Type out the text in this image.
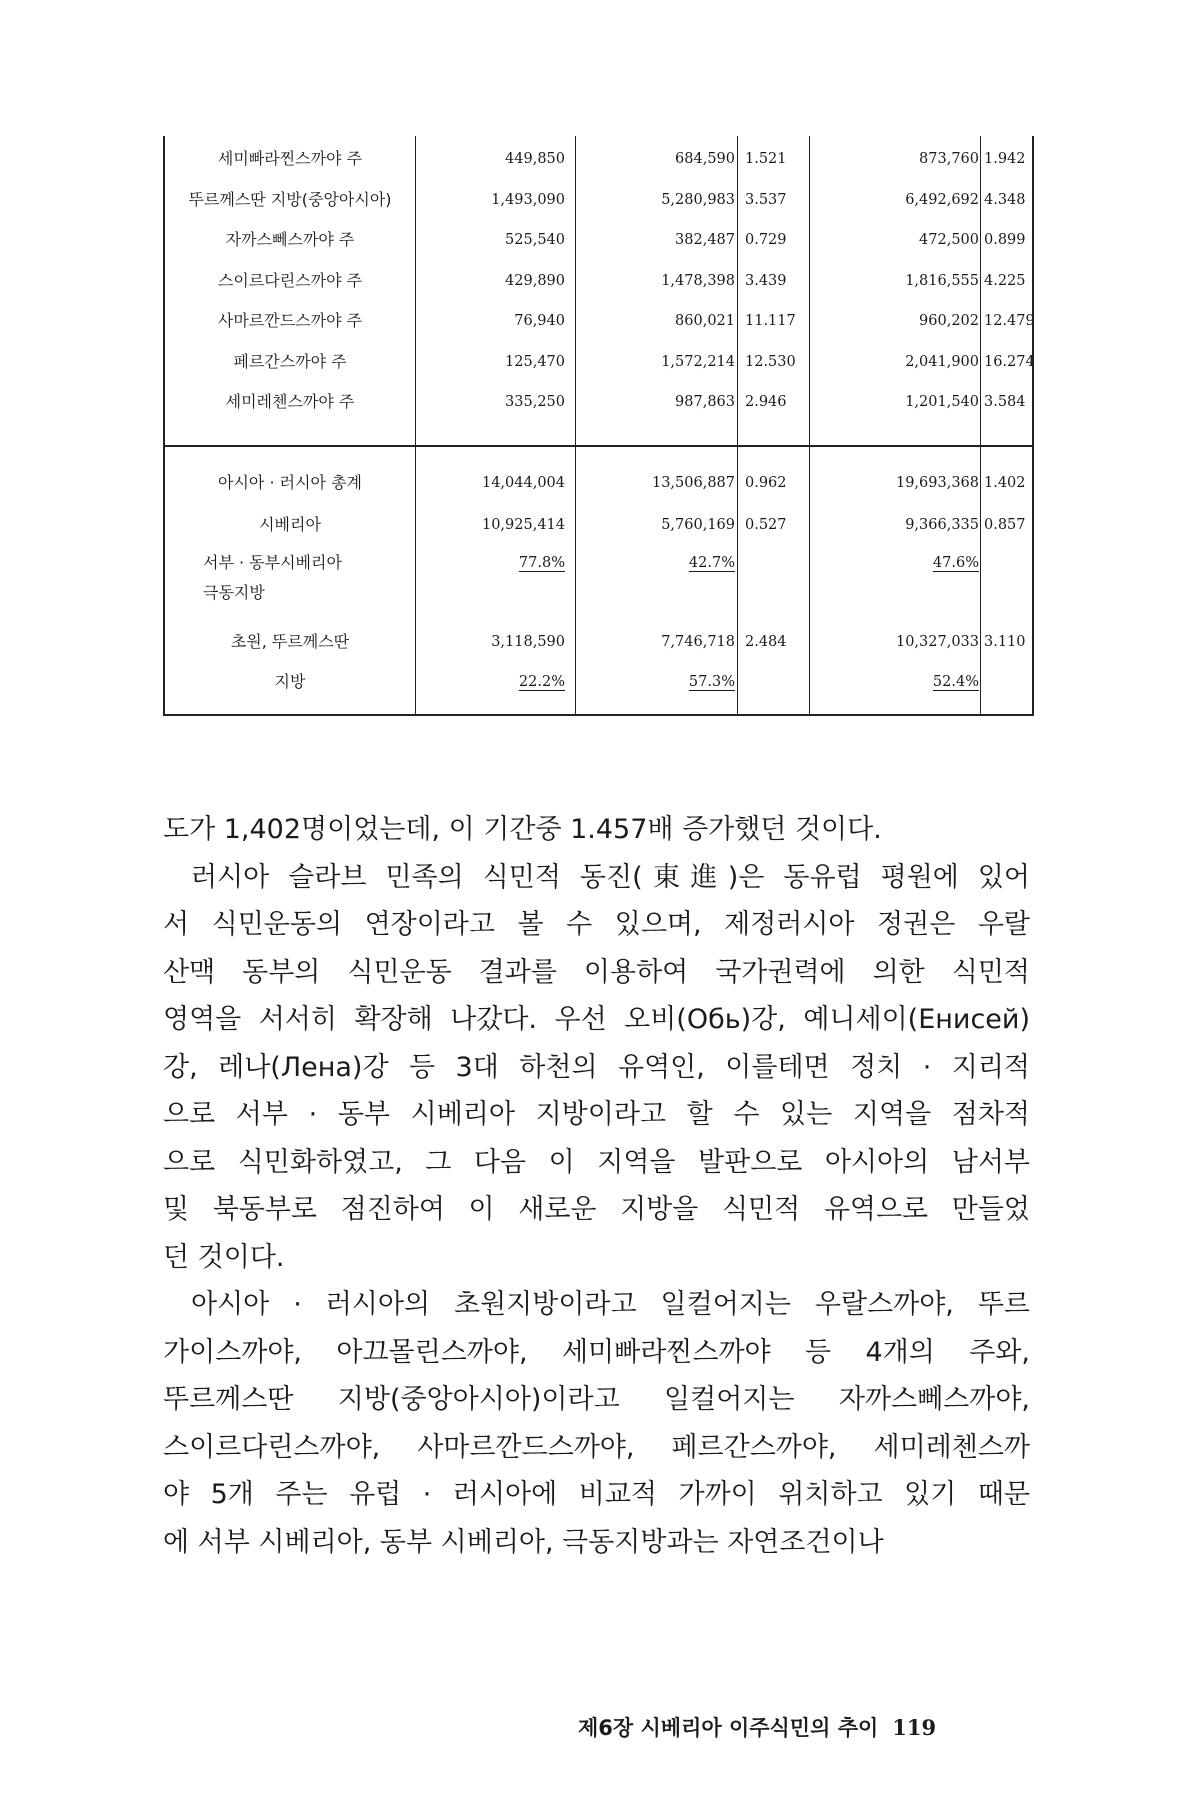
세미빠라찐스까야 주	449,850	684,590 1.521	873,760 1.942
뚜르께스딴 지방(중앙아시아)	1,493,090	5,280,983 3.537	6,492,692 4.348
자까스뻬스까야 주	525,540	382,487 0.729	472,500 0.899
스이르다린스까야 주	429,890	1,478,398 3.439	1,816,555 4.225
사마르깐드스까야 주	76,940	860,021 11.117	960,202 12.479
페르간스까야 주	125,470	1,572,214 12.530	2,041,900 16.274
세미레첸스까야 주	335,250	987,863 2.946	1,201,540 3.584
아시아 · 러시아 총계	14,044,004	13,506,887 0.962	19,693,368 1.402
시베리아	10,925,414	5,760,169 0.527	9,366,335 0.857
서부 · 동부시베리아	77.8%	42.7%	47.6%
극동지방
초원, 뚜르께스딴	3,118,590	7,746,718 2.484	10,327,033 3.110
지방	22.2%	57.3%	52.4%
도가 1,402명이었는데, 이 기간중 1.457배 증가했던 것이다.
러시아 슬라브 민족의 식민적 동진(東進)은 동유럽 평원에 있어
서 식민운동의 연장이라고 볼 수 있으며, 제정러시아 정권은 우랄
산맥 동부의 식민운동 결과를 이용하여 국가권력에 의한 식민적
영역을 서서히 확장해 나갔다. 우선 오비(Обь)강, 예니세이(Енисей)
강, 레나(Лена)강 등 3대 하천의 유역인, 이를테면 정치 · 지리적
으로 서부 · 동부 시베리아 지방이라고 할 수 있는 지역을 점차적
으로 식민화하였고, 그 다음 이 지역을 발판으로 아시아의 남서부
및 북동부로 점진하여 이 새로운 지방을 식민적 유역으로 만들었
던 것이다.
아시아 · 러시아의 초원지방이라고 일컬어지는 우랄스까야, 뚜르
가이스까야, 아끄몰린스까야, 세미빠라찐스까야 등 4개의 주와,
뚜르께스딴 지방(중앙아시아)이라고 일컬어지는 자까스뻬스까야,
스이르다린스까야, 사마르깐드스까야, 페르간스까야, 세미레첸스까
야 5개 주는 유럽 · 러시아에 비교적 가까이 위치하고 있기 때문
에 서부 시베리아, 동부 시베리아, 극동지방과는 자연조건이나
제6장 시베리아 이주식민의 추이 119
